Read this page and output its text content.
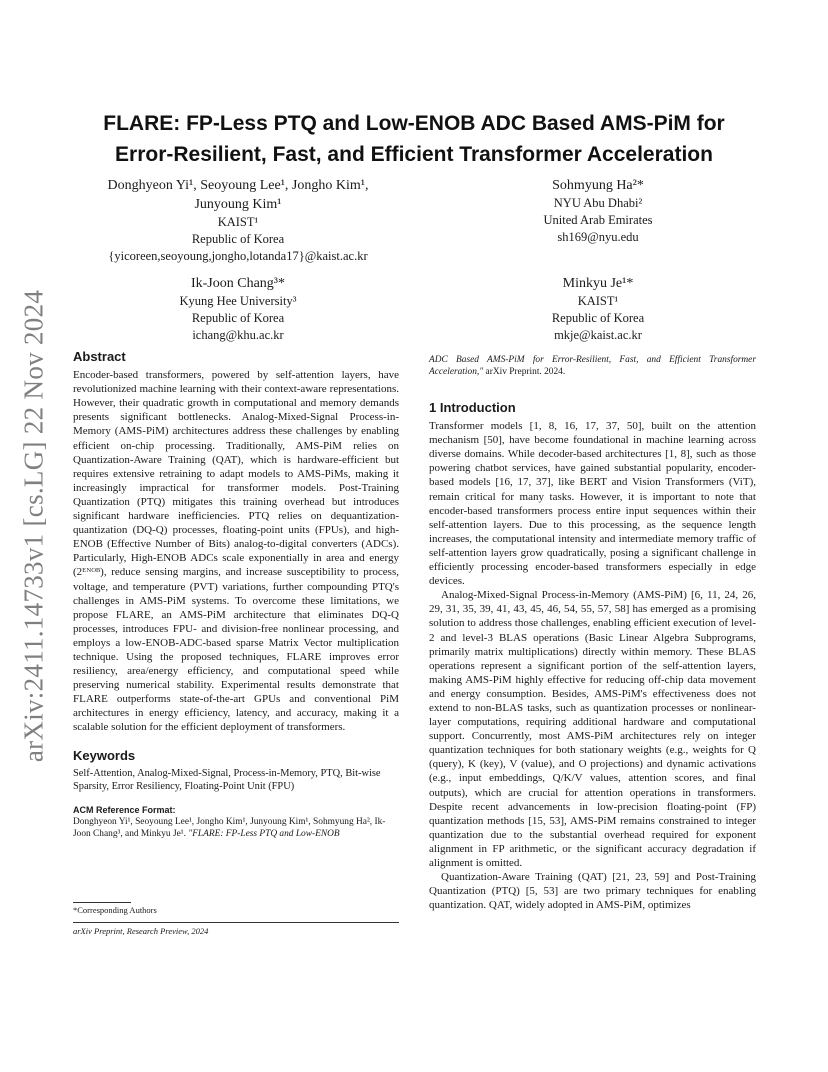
arXiv:2411.14733v1 [cs.LG] 22 Nov 2024
FLARE: FP-Less PTQ and Low-ENOB ADC Based AMS-PiM for
Error-Resilient, Fast, and Efficient Transformer Acceleration
Donghyeon Yi¹, Seoyoung Lee¹, Jongho Kim¹,
Junyoung Kim¹
KAIST¹
Republic of Korea
{yicoreen,seoyoung,jongho,lotanda17}@kaist.ac.kr
Sohmyung Ha²*
NYU Abu Dhabi²
United Arab Emirates
sh169@nyu.edu
Ik-Joon Chang³*
Kyung Hee University³
Republic of Korea
ichang@khu.ac.kr
Minkyu Je¹*
KAIST¹
Republic of Korea
mkje@kaist.ac.kr

Abstract

Encoder-based transformers, powered by self-attention layers, have revolutionized machine learning with their context-aware representations. However, their quadratic growth in computational and memory demands presents significant bottlenecks. Analog-Mixed-Signal Process-in-Memory (AMS-PiM) architectures address these challenges by enabling efficient on-chip processing. Traditionally, AMS-PiM relies on Quantization-Aware Training (QAT), which is hardware-efficient but requires extensive retraining to adapt models to AMS-PiMs, making it increasingly impractical for transformer models. Post-Training Quantization (PTQ) mitigates this training overhead but introduces significant hardware inefficiencies. PTQ relies on dequantization-quantization (DQ-Q) processes, floating-point units (FPUs), and high-ENOB (Effective Number of Bits) analog-to-digital converters (ADCs). Particularly, High-ENOB ADCs scale exponentially in area and energy (2ᴱᴺᴼᴮ), reduce sensing margins, and increase susceptibility to process, voltage, and temperature (PVT) variations, further compounding PTQ's challenges in AMS-PiM systems. To overcome these limitations, we propose FLARE, an AMS-PiM architecture that eliminates DQ-Q processes, introduces FPU- and division-free nonlinear processing, and employs a low-ENOB-ADC-based sparse Matrix Vector multiplication technique. Using the proposed techniques, FLARE improves error resiliency, area/energy efficiency, and computational speed while preserving numerical stability. Experimental results demonstrate that FLARE outperforms state-of-the-art GPUs and conventional PiM architectures in energy efficiency, latency, and accuracy, making it a scalable solution for the efficient deployment of transformers.

Keywords

Self-Attention, Analog-Mixed-Signal, Process-in-Memory, PTQ, Bit-wise Sparsity, Error Resiliency, Floating-Point Unit (FPU)

ACM Reference Format:
Donghyeon Yi¹, Seoyoung Lee¹, Jongho Kim¹, Junyoung Kim¹, Sohmyung Ha², Ik-Joon Chang³, and Minkyu Je¹. "FLARE: FP-Less PTQ and Low-ENOB
*Corresponding Authors
arXiv Preprint, Research Preview, 2024
ADC Based AMS-PiM for Error-Resilient, Fast, and Efficient Transformer Acceleration," arXiv Preprint. 2024.

1 Introduction

Transformer models [1, 8, 16, 17, 37, 50], built on the attention mechanism [50], have become foundational in machine learning across diverse domains. While decoder-based architectures [1, 8], such as those powering chatbot services, have gained substantial popularity, encoder-based models [16, 17, 37], like BERT and Vision Transformers (ViT), remain critical for many tasks. However, it is important to note that encoder-based transformers process entire input sequences within their self-attention layers. Due to this processing, as the sequence length increases, the computational intensity and intermediate memory traffic of self-attention layers grow quadratically, posing a significant challenge in efficiently processing encoder-based transformers especially in edge devices.

Analog-Mixed-Signal Process-in-Memory (AMS-PiM) [6, 11, 24, 26, 29, 31, 35, 39, 41, 43, 45, 46, 54, 55, 57, 58] has emerged as a promising solution to address those challenges, enabling efficient execution of level-2 and level-3 BLAS operations (Basic Linear Algebra Subprograms, primarily matrix multiplications) directly within memory. These BLAS operations represent a significant portion of the self-attention layers, making AMS-PiM highly effective for reducing off-chip data movement and energy consumption. Besides, AMS-PiM's effectiveness does not extend to non-BLAS tasks, such as quantization processes or nonlinear-layer computations, requiring additional hardware and computational support. Concurrently, most AMS-PiM architectures rely on integer quantization techniques for both stationary weights (e.g., weights for Q (query), K (key), V (value), and O projections) and dynamic activations (e.g., input embeddings, Q/K/V values, attention scores, and final outputs), which are crucial for attention operations in transformers. Despite recent advancements in low-precision floating-point (FP) quantization methods [15, 53], AMS-PiM remains constrained to integer quantization due to the substantial overhead required for exponent alignment in FP arithmetic, or the significant accuracy degradation if alignment is omitted.

Quantization-Aware Training (QAT) [21, 23, 59] and Post-Training Quantization (PTQ) [5, 53] are two primary techniques for enabling quantization. QAT, widely adopted in AMS-PiM, optimizes
